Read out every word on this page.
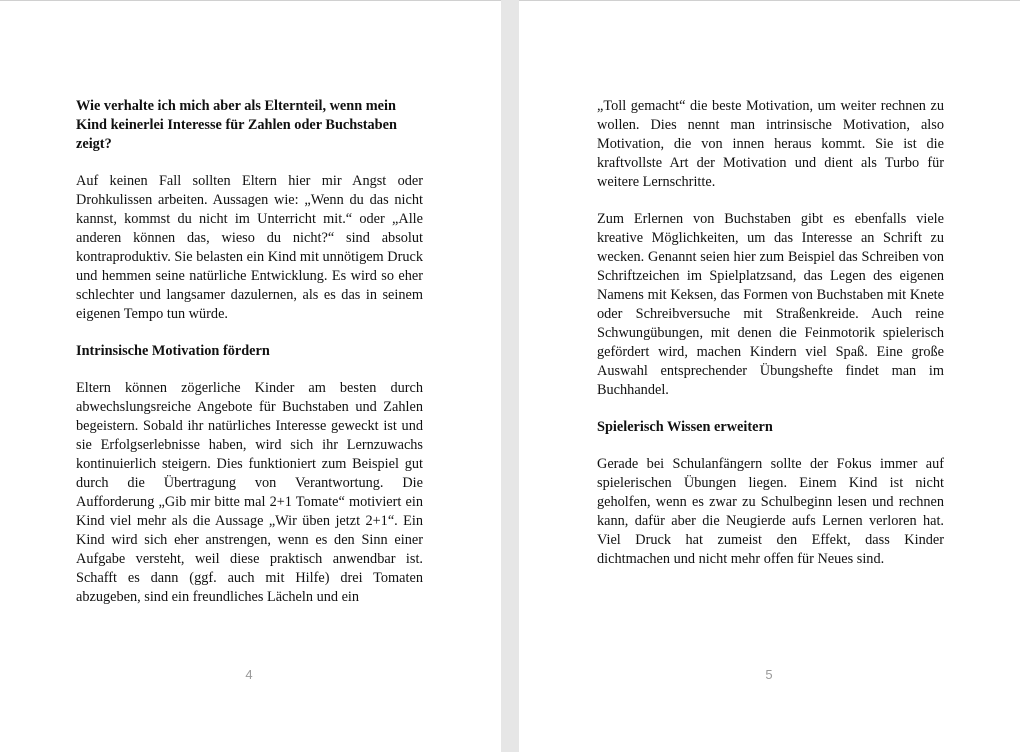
Wie verhalte ich mich aber als Elternteil, wenn mein Kind keinerlei Interesse für Zahlen oder Buchstaben zeigt?

Auf keinen Fall sollten Eltern hier mir Angst oder Drohkulissen arbeiten. Aussagen wie: „Wenn du das nicht kannst, kommst du nicht im Unterricht mit.“ oder „Alle anderen können das, wieso du nicht?“ sind absolut kontraproduktiv. Sie belasten ein Kind mit unnötigem Druck und hemmen seine natürliche Entwicklung. Es wird so eher schlechter und langsamer dazulernen, als es das in seinem eigenen Tempo tun würde.

Intrinsische Motivation fördern

Eltern können zögerliche Kinder am besten durch abwechslungsreiche Angebote für Buchstaben und Zahlen begeistern. Sobald ihr natürliches Interesse geweckt ist und sie Erfolgserlebnisse haben, wird sich ihr Lernzuwachs kontinuierlich steigern. Dies funktioniert zum Beispiel gut durch die Übertragung von Verantwortung. Die Aufforderung „Gib mir bitte mal 2+1 Tomate“ motiviert ein Kind viel mehr als die Aussage „Wir üben jetzt 2+1“. Ein Kind wird sich eher anstrengen, wenn es den Sinn einer Aufgabe versteht, weil diese praktisch anwendbar ist. Schafft es dann (ggf. auch mit Hilfe) drei Tomaten abzugeben, sind ein freundliches Lächeln und ein

4

„Toll gemacht“ die beste Motivation, um weiter rechnen zu wollen. Dies nennt man intrinsische Motivation, also Motivation, die von innen heraus kommt. Sie ist die kraftvollste Art der Motivation und dient als Turbo für weitere Lernschritte.

Zum Erlernen von Buchstaben gibt es ebenfalls viele kreative Möglichkeiten, um das Interesse an Schrift zu wecken. Genannt seien hier zum Beispiel das Schreiben von Schriftzeichen im Spielplatzsand, das Legen des eigenen Namens mit Keksen, das Formen von Buchstaben mit Knete oder Schreibversuche mit Straßenkreide. Auch reine Schwungübungen, mit denen die Feinmotorik spielerisch gefördert wird, machen Kindern viel Spaß. Eine große Auswahl entsprechender Übungshefte findet man im Buchhandel.

Spielerisch Wissen erweitern

Gerade bei Schulanfängern sollte der Fokus immer auf spielerischen Übungen liegen. Einem Kind ist nicht geholfen, wenn es zwar zu Schulbeginn lesen und rechnen kann, dafür aber die Neugierde aufs Lernen verloren hat. Viel Druck hat zumeist den Effekt, dass Kinder dichtmachen und nicht mehr offen für Neues sind.

5
